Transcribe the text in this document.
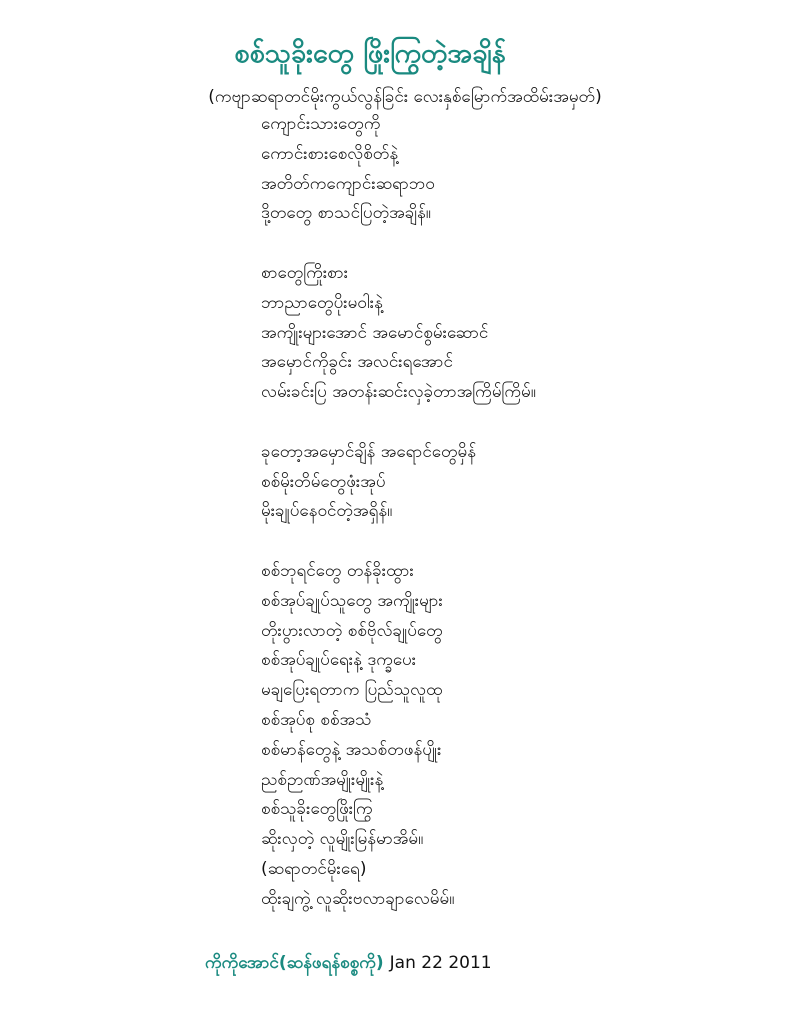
စစ်သူခိုးတွေ ဖြိုးကြွတဲ့အချိန်
(ကဗျာဆရာတင်မိုးကွယ်လွန်ခြင်း လေးနှစ်မြောက်အထိမ်းအမှတ်)
ကျောင်းသားတွေကို
ကောင်းစားစေလိုစိတ်နဲ့
အတိတ်ကကျောင်းဆရာဘဝ
ဒို့တတွေ စာသင်ပြတဲ့အချိန်။
စာတွေကြိုးစား
ဘာညာတွေပိုးမဝါးနဲ့
အကျိုးများအောင် အမောင်စွမ်းဆောင်
အမှောင်ကိုခွင်း အလင်းရအောင်
လမ်းခင်းပြ အတန်းဆင်းလှခဲ့တာအကြိမ်ကြိမ်။
ခုတော့အမှောင်ချိန် အရောင်တွေမှိန်
စစ်မိုးတိမ်တွေဖုံးအုပ်
မိုးချုပ်နေဝင်တဲ့အရှိန်။
စစ်ဘုရင်တွေ တန်ခိုးထွား
စစ်အုပ်ချုပ်သူတွေ အကျိုးများ
တိုးပွားလာတဲ့ စစ်ဗိုလ်ချုပ်တွေ
စစ်အုပ်ချုပ်ရေးနဲ့ ဒုက္ခပေး
မချပြေးရတာက ပြည်သူလူထု
စစ်အုပ်စု စစ်အသံ
စစ်မာန်တွေနဲ့ အသစ်တဖန်ပျိုး
ညစ်ဉာဏ်အမျိုးမျိုးနဲ့
စစ်သူခိုးတွေဖြိုးကြွ
ဆိုးလှတဲ့ လူမျိုးမြန်မာအိမ်။
(ဆရာတင်မိုးရေ)
ထိုးချကွဲ့ လူဆိုးဗလာချာလေမိမ်။
ကိုကိုအောင်(ဆန်ဖရန်စစ္စကို) Jan 22 2011
